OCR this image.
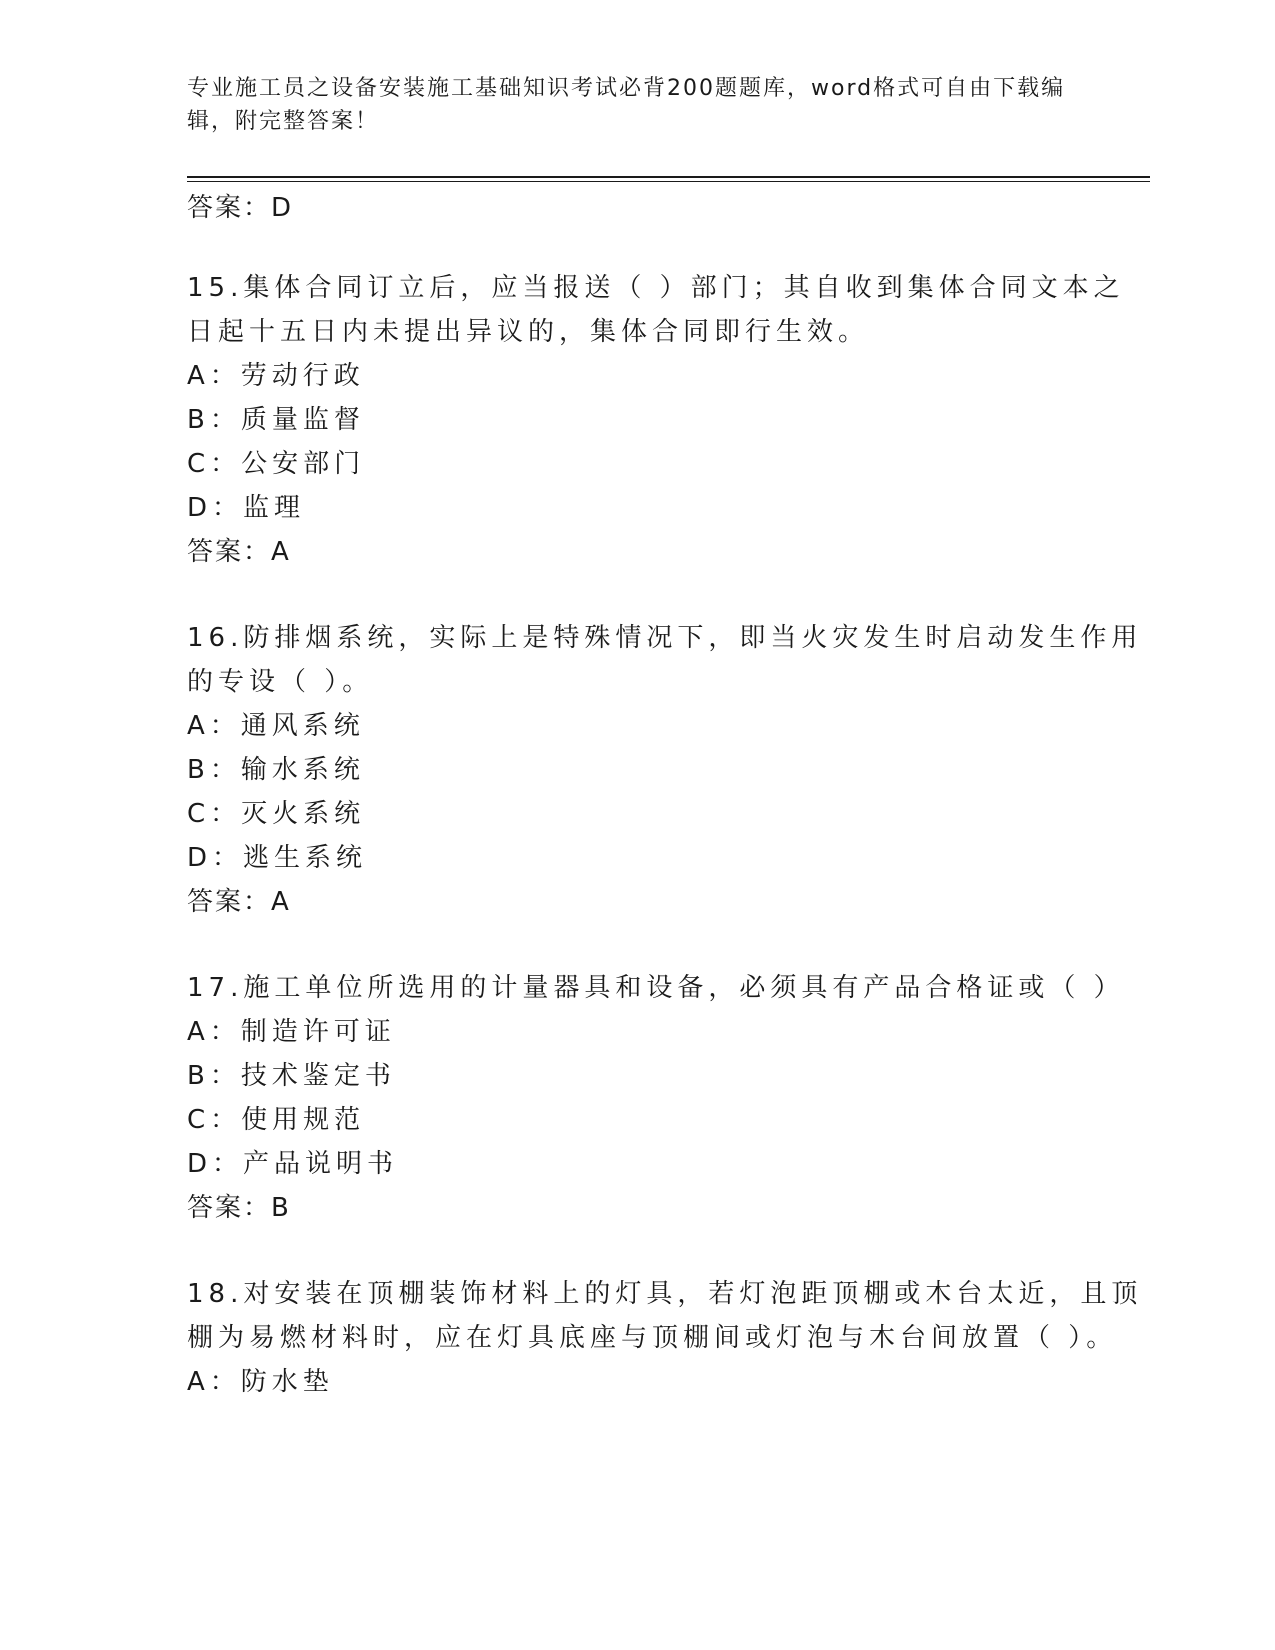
专业施工员之设备安装施工基础知识考试必背200题题库，word格式可自由下载编辑，附完整答案！
答案：D
15.集体合同订立后，应当报送（ ）部门；其自收到集体合同文本之
日起十五日内未提出异议的，集体合同即行生效。
A：劳动行政
B：质量监督
C：公安部门
D：监理
答案：A
16.防排烟系统，实际上是特殊情况下，即当火灾发生时启动发生作用
的专设（ ）。
A：通风系统
B：输水系统
C：灭火系统
D：逃生系统
答案：A
17.施工单位所选用的计量器具和设备，必须具有产品合格证或（ ）
A：制造许可证
B：技术鉴定书
C：使用规范
D：产品说明书
答案：B
18.对安装在顶棚装饰材料上的灯具，若灯泡距顶棚或木台太近，且顶
棚为易燃材料时，应在灯具底座与顶棚间或灯泡与木台间放置（ ）。
A：防水垫
